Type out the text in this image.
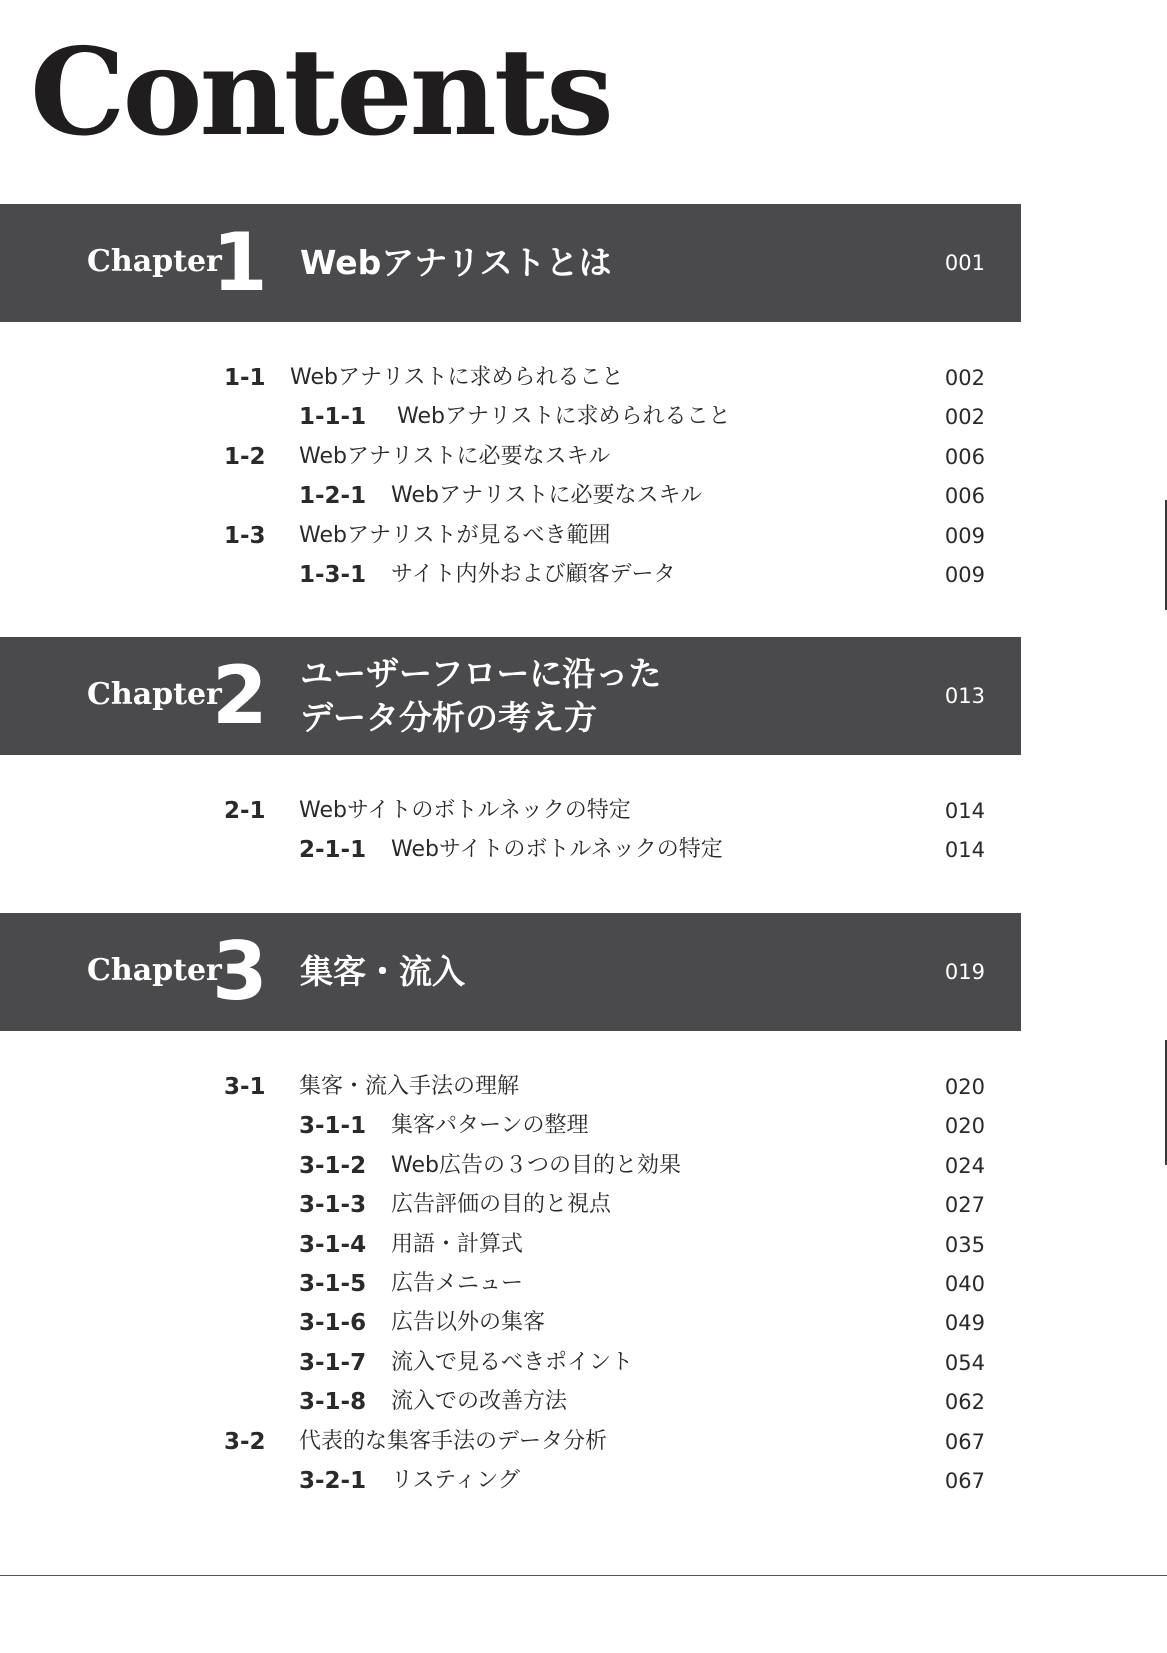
Contents
Chapter
1 Webアナリストとは	001
1-1 Webアナリストに求められること	002
1-1-1 Webアナリストに求められること	002
1-2 Webアナリストに必要なスキル	006
1-2-1 Webアナリストに必要なスキル	006
1-3 Webアナリストが見るべき範囲	009
1-3-1 サイト内外および顧客データ	009
Chapter
2 ユーザーフローに沿った
データ分析の考え方
013
2-1 Webサイトのボトルネックの特定	014
2-1-1 Webサイトのボトルネックの特定	014
Chapter
3 集客・流入	019
3-1 集客・流入手法の理解	020
3-1-1 集客パターンの整理	020
3-1-2 Web広告の３つの目的と効果	024
3-1-3 広告評価の目的と視点	027
3-1-4 用語・計算式	035
3-1-5 広告メニュー	040
3-1-6 広告以外の集客	049
3-1-7 流入で見るべきポイント	054
3-1-8 流入での改善方法	062
3-2 代表的な集客手法のデータ分析	067
3-2-1 リスティング	067
